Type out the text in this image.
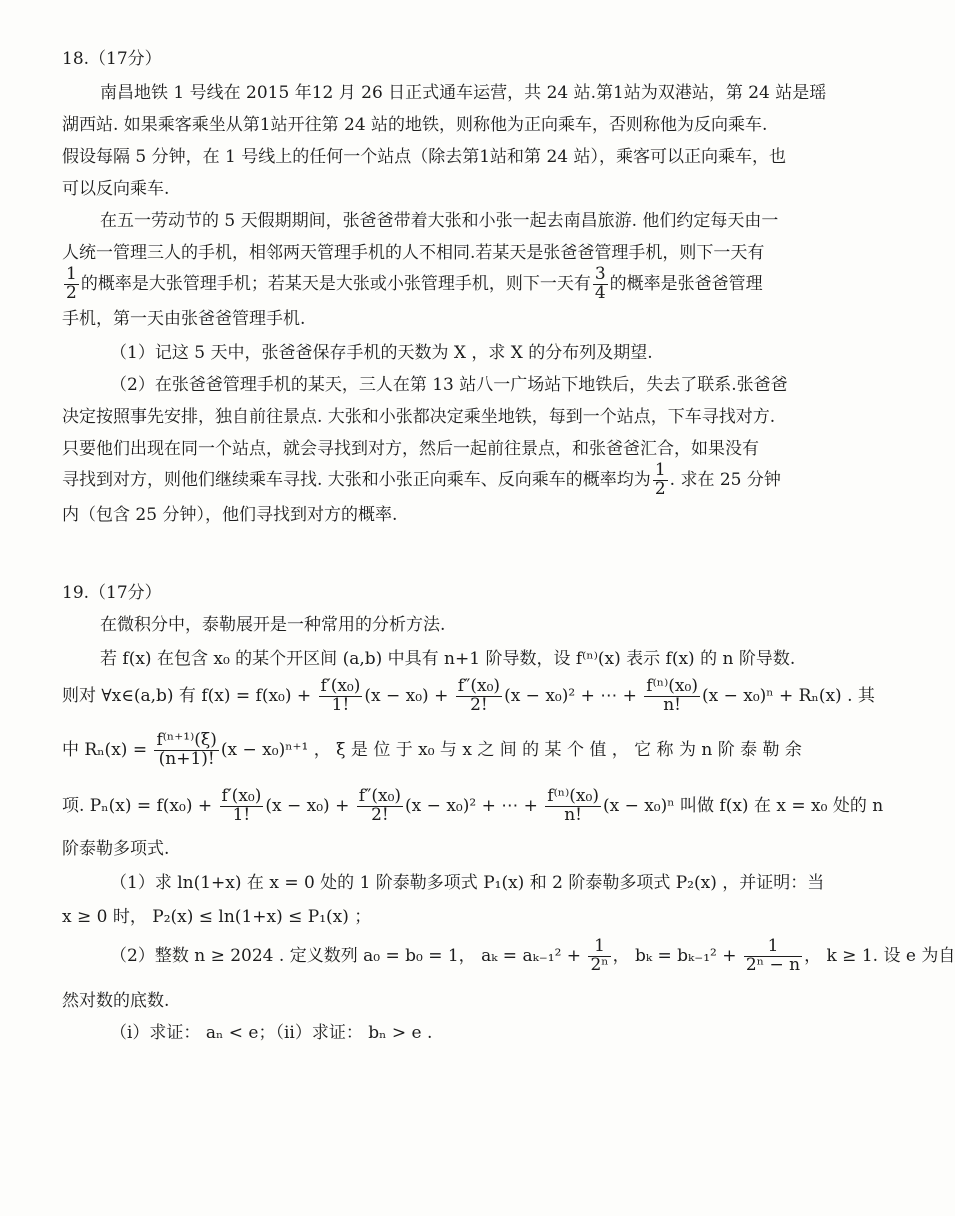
18.（17分）
南昌地铁 1 号线在 2015 年12 月 26 日正式通车运营，共 24 站.第1站为双港站，第 24 站是瑶
湖西站. 如果乘客乘坐从第1站开往第 24 站的地铁，则称他为正向乘车，否则称他为反向乘车.
假设每隔 5 分钟，在 1 号线上的任何一个站点（除去第1站和第 24 站），乘客可以正向乘车，也
可以反向乘车.
在五一劳动节的 5 天假期期间，张爸爸带着大张和小张一起去南昌旅游. 他们约定每天由一
人统一管理三人的手机，相邻两天管理手机的人不相同.若某天是张爸爸管理手机，则下一天有
$\frac{1}{2}$ 的概率是大张管理手机；若某天是大张或小张管理手机，则下一天有 $\frac{3}{4}$ 的概率是张爸爸管理
手机，第一天由张爸爸管理手机.
（1）记这 5 天中，张爸爸保存手机的天数为 X ，求 X 的分布列及期望.
（2）在张爸爸管理手机的某天，三人在第 13 站八一广场站下地铁后，失去了联系.张爸爸
决定按照事先安排，独自前往景点. 大张和小张都决定乘坐地铁，每到一个站点，下车寻找对方.
只要他们出现在同一个站点，就会寻找到对方，然后一起前往景点，和张爸爸汇合，如果没有
寻找到对方，则他们继续乘车寻找. 大张和小张正向乘车、反向乘车的概率均为 $\frac{1}{2}$ . 求在 25 分钟
内（包含 25 分钟），他们寻找到对方的概率.
19.（17分）
在微积分中，泰勒展开是一种常用的分析方法.
若 f(x) 在包含 x₀ 的某个开区间 (a,b) 中具有 n+1 阶导数，设 f⁽ⁿ⁾(x) 表示 f(x) 的 n 阶导数.
则对 ∀x∈(a,b) 有 $f(x) = f(x_0) + \frac{\text{f′(x₀)}}{1!} (x - x_0) + \frac{\text{f″(x₀)}}{2!} (x - x_0)^2$ + ⋯ + $\frac{\text{f⁽ⁿ⁾(x₀)}}{n!} (x - x_0)^n + R_n(x)$ . 其
中 $R_n(x) = \frac{\text{f⁽ⁿ⁺¹⁾(ξ)}}{(n+1)!} (x - x_0)^{n+1}$ ， ξ 是 位 于 x₀ 与 x 之 间 的 某 个 值 ， 它 称 为 n 阶 泰 勒 余
项. $P_n(x) = f(x_0) + \frac{\text{f′(x₀)}}{1!} (x - x_0) + \frac{\text{f″(x₀)}}{2!} (x - x_0)^2$ + ⋯ + $\frac{\text{f⁽ⁿ⁾(x₀)}}{n!} (x - x_0)^n$ 叫做 f(x) 在 x = x₀ 处的 n
阶泰勒多项式.
（1）求 ln(1+x) 在 x = 0 处的 1 阶泰勒多项式 P₁(x) 和 2 阶泰勒多项式 P₂(x) ，并证明：当
x ≥ 0 时， P₂(x) ≤ ln(1+x) ≤ P₁(x) ；
（2）整数 n ≥ 2024 . 定义数列 a₀ = b₀ = 1， $a_k = a_{k-1}^2 + \frac{1}{\text{2ⁿ}}$ ， $b_k = b_{k-1}^2 + \frac{1}{\text{2ⁿ − n}}$ ， k ≥ 1. 设 e 为自
然对数的底数.
（i）求证： aₙ < e；（ii）求证： bₙ > e .
